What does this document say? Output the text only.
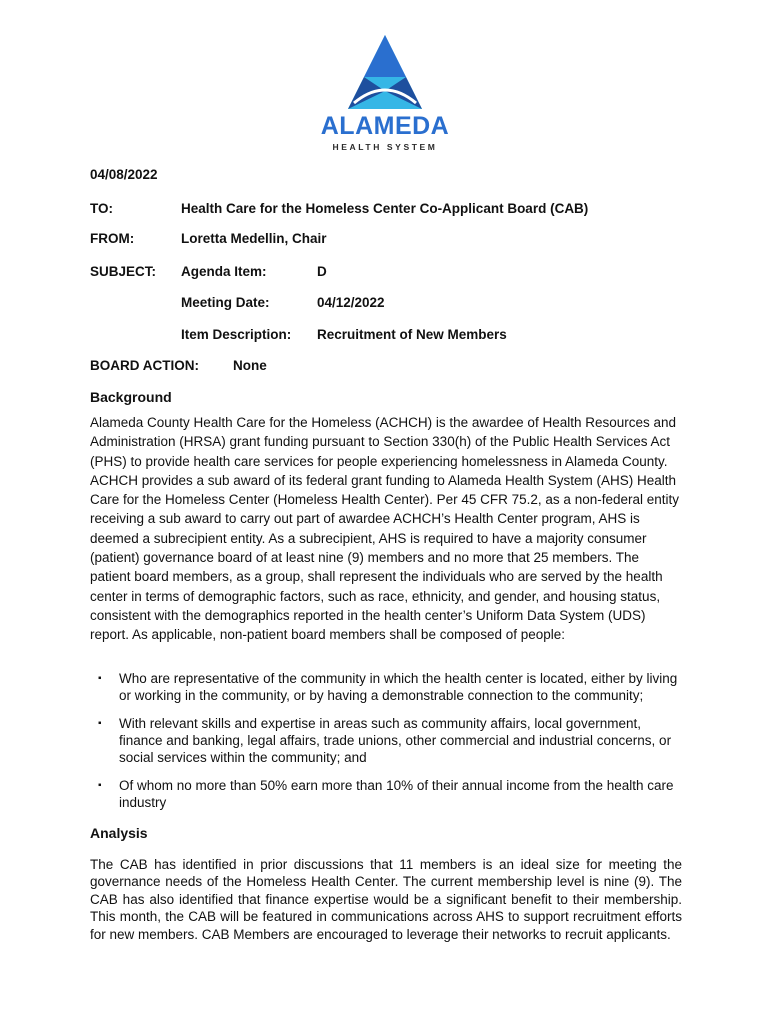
ALAMEDA
HEALTH SYSTEM
04/08/2022
TO:	Health Care for the Homeless Center Co-Applicant Board (CAB)
FROM:	Loretta Medellin, Chair
SUBJECT: Agenda Item:	D
Meeting Date:	04/12/2022
Item Description: Recruitment of New Members
BOARD ACTION:	None
Background
Alameda County Health Care for the Homeless (ACHCH) is the awardee of Health Resources and Administration (HRSA) grant funding pursuant to Section 330(h) of the Public Health Services Act (PHS) to provide health care services for people experiencing homelessness in Alameda County. ACHCH provides a sub award of its federal grant funding to Alameda Health System (AHS) Health Care for the Homeless Center (Homeless Health Center). Per 45 CFR 75.2, as a non-federal entity receiving a sub award to carry out part of awardee ACHCH’s Health Center program, AHS is deemed a subrecipient entity. As a subrecipient, AHS is required to have a majority consumer (patient) governance board of at least nine (9) members and no more that 25 members. The patient board members, as a group, shall represent the individuals who are served by the health center in terms of demographic factors, such as race, ethnicity, and gender, and housing status, consistent with the demographics reported in the health center’s Uniform Data System (UDS) report. As applicable, non-patient board members shall be composed of people:
▪ Who are representative of the community in which the health center is located, either by living or working in the community, or by having a demonstrable connection to the community;
▪ With relevant skills and expertise in areas such as community affairs, local government, finance and banking, legal affairs, trade unions, other commercial and industrial concerns, or social services within the community; and
▪ Of whom no more than 50% earn more than 10% of their annual income from the health care industry
Analysis
The CAB has identified in prior discussions that 11 members is an ideal size for meeting the governance needs of the Homeless Health Center. The current membership level is nine (9). The CAB has also identified that finance expertise would be a significant benefit to their membership. This month, the CAB will be featured in communications across AHS to support recruitment efforts for new members. CAB Members are encouraged to leverage their networks to recruit applicants.
